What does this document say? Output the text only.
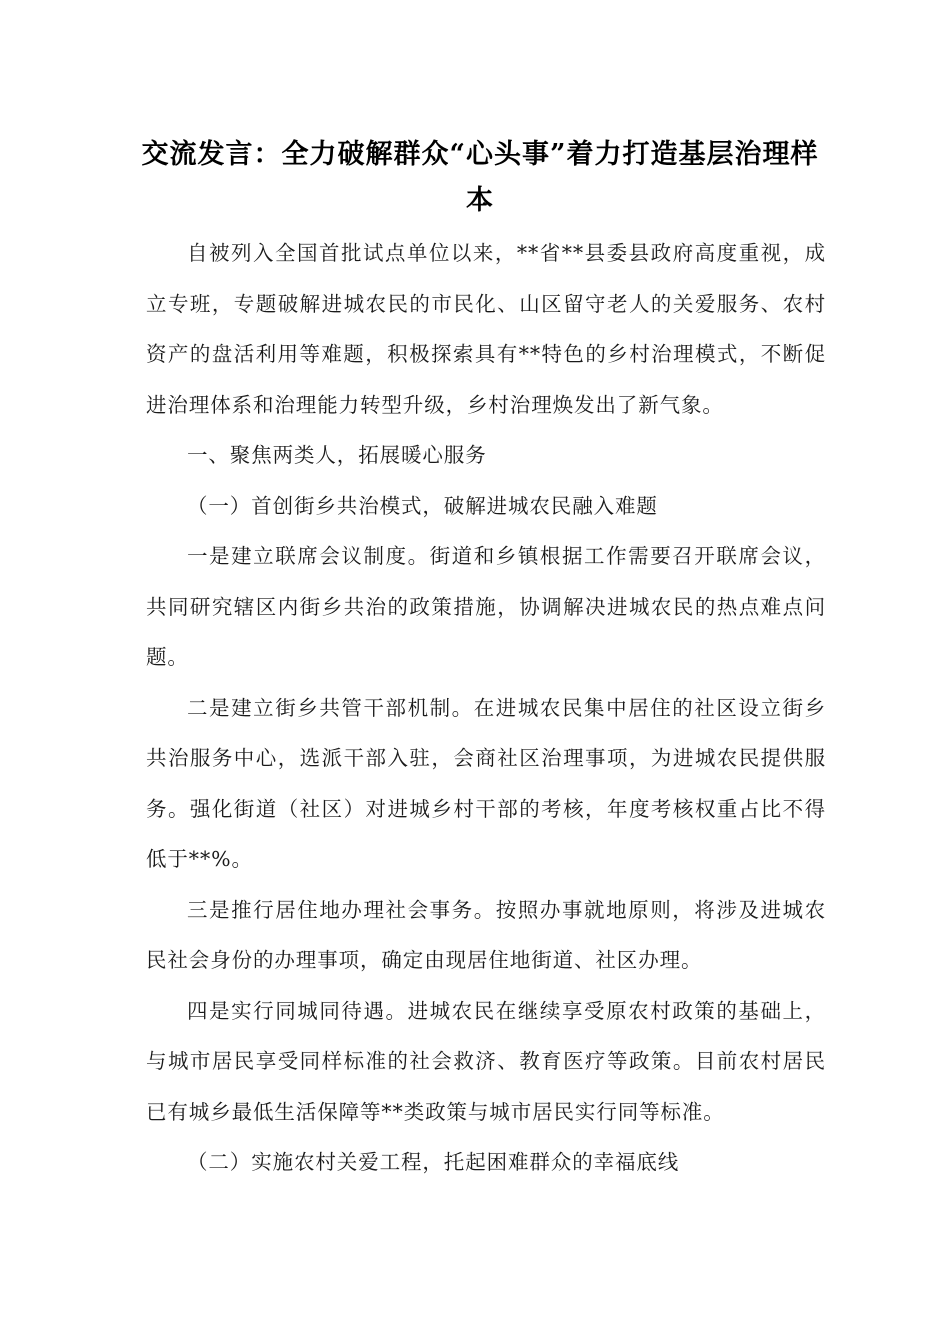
交流发言：全力破解群众“心头事”着力打造基层治理样本

自被列入全国首批试点单位以来，**省**县委县政府高度重视，成立专班，专题破解进城农民的市民化、山区留守老人的关爱服务、农村资产的盘活利用等难题，积极探索具有**特色的乡村治理模式，不断促进治理体系和治理能力转型升级，乡村治理焕发出了新气象。

一、聚焦两类人，拓展暖心服务

（一）首创街乡共治模式，破解进城农民融入难题

一是建立联席会议制度。街道和乡镇根据工作需要召开联席会议，共同研究辖区内街乡共治的政策措施，协调解决进城农民的热点难点问题。

二是建立街乡共管干部机制。在进城农民集中居住的社区设立街乡共治服务中心，选派干部入驻，会商社区治理事项，为进城农民提供服务。强化街道（社区）对进城乡村干部的考核，年度考核权重占比不得低于**%。

三是推行居住地办理社会事务。按照办事就地原则，将涉及进城农民社会身份的办理事项，确定由现居住地街道、社区办理。

四是实行同城同待遇。进城农民在继续享受原农村政策的基础上，与城市居民享受同样标准的社会救济、教育医疗等政策。目前农村居民已有城乡最低生活保障等**类政策与城市居民实行同等标准。

（二）实施农村关爱工程，托起困难群众的幸福底线
